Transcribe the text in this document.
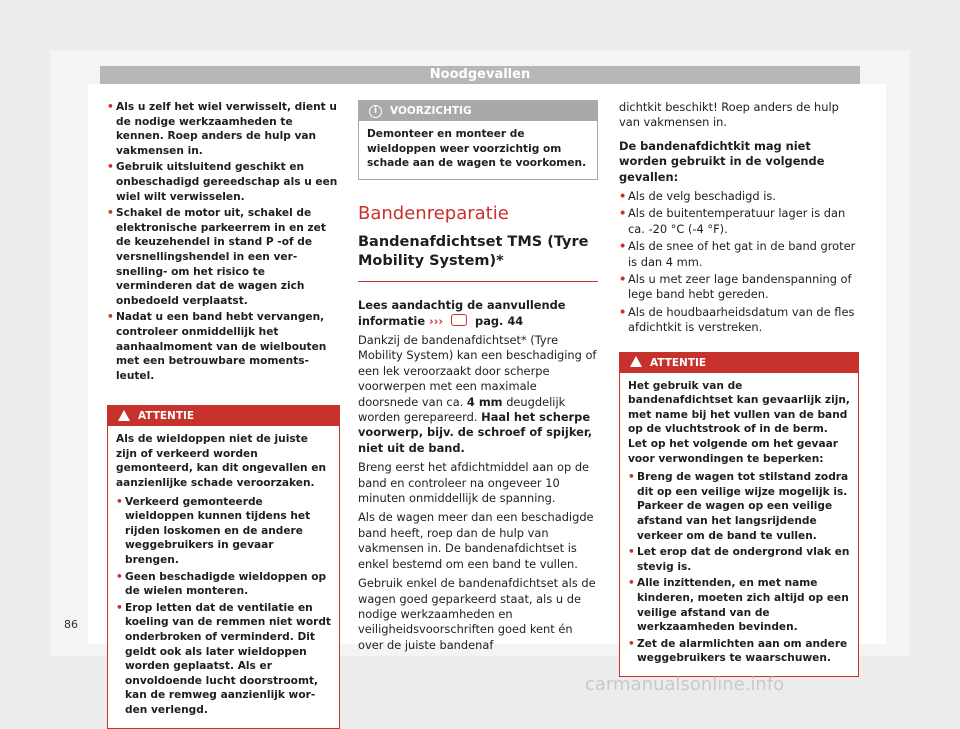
Noodgevallen
• Als u zelf het wiel verwisselt, dient u de nodige werkzaamheden te kennen. Roep anders de hulp van vakmensen in.
• Gebruik uitsluitend geschikt en onbeschadigd gereedschap als u een wiel wilt verwisselen.
• Schakel de motor uit, schakel de elektronische parkeerrem in en zet de keuzehendel in stand P -of de versnellingshendel in een versnelling- om het risico te verminderen dat de wagen zich onbedoeld verplaatst.
• Nadat u een band hebt vervangen, controleer onmiddellijk het aanhaalmoment van de wielbouten met een betrouwbare momentsleutel.
ATTENTIE

Als de wieldoppen niet de juiste zijn of verkeerd worden gemonteerd, kan dit ongevallen en aanzienlijke schade veroorzaken.

• Verkeerd gemonteerde wieldoppen kunnen tijdens het rijden loskomen en de andere weggebruikers in gevaar brengen.
• Geen beschadigde wieldoppen op de wielen monteren.
• Erop letten dat de ventilatie en koeling van de remmen niet wordt onderbroken of verminderd. Dit geldt ook als later wieldoppen worden geplaatst. Als er onvoldoende lucht doorstroomt, kan de remweg aanzienlijk worden verlengd.
i	VOORZICHTIG
Demonteer en monteer de wieldoppen weer voorzichtig om schade aan de wagen te voorkomen.
Bandenreparatie
Bandenafdichtset TMS (Tyre Mobility System)*

Lees aandachtig de aanvullende informatie ›››	pag. 44

Dankzij de bandenafdichtset* (Tyre Mobility System) kan een beschadiging of een lek veroorzaakt door scherpe voorwerpen met een maximale doorsnede van ca. 4 mm deugdelijk worden gerepareerd. Haal het scherpe voorwerp, bijv. de schroef of spijker, niet uit de band.

Breng eerst het afdichtmiddel aan op de band en controleer na ongeveer 10 minuten onmiddellijk de spanning.

Als de wagen meer dan een beschadigde band heeft, roep dan de hulp van vakmensen in. De bandenafdichtset is enkel bestemd om een band te vullen.

Gebruik enkel de bandenafdichtset als de wagen goed geparkeerd staat, als u de nodige werkzaamheden en veiligheidsvoorschriften goed kent én over de juiste bandenaf

dichtkit beschikt! Roep anders de hulp van vakmensen in.

De bandenafdichtkit mag niet worden gebruikt in de volgende gevallen:

• Als de velg beschadigd is.
• Als de buitentemperatuur lager is dan ca. -20 °C (-4 °F).
• Als de snee of het gat in de band groter is dan 4 mm.
• Als u met zeer lage bandenspanning of lege band hebt gereden.
• Als de houdbaarheidsdatum van de fles afdichtkit is verstreken.
ATTENTIE

Het gebruik van de bandenafdichtset kan gevaarlijk zijn, met name bij het vullen van de band op de vluchtstrook of in de berm. Let op het volgende om het gevaar voor verwondingen te beperken:

• Breng de wagen tot stilstand zodra dit op een veilige wijze mogelijk is. Parkeer de wagen op een veilige afstand van het langsrijdende verkeer om de band te vullen.
• Let erop dat de ondergrond vlak en stevig is.
• Alle inzittenden, en met name kinderen, moeten zich altijd op een veilige afstand van de werkzaamheden bevinden.
• Zet de alarmlichten aan om andere weggebruikers te waarschuwen.
86
carmanualsonline.info
